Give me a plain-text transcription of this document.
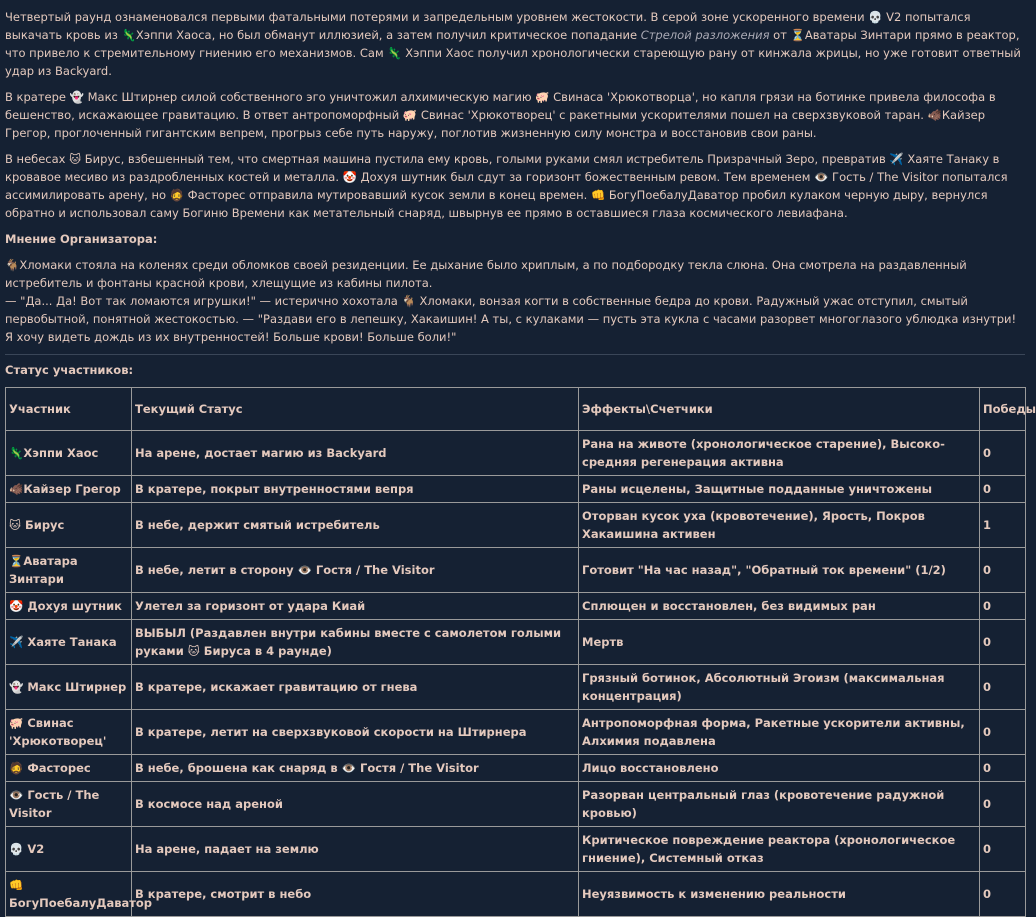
Четвертый раунд ознаменовался первыми фатальными потерями и запредельным уровнем жестокости. В серой зоне ускоренного времени 💀 V2 попытался выкачать кровь из 🦎Хэппи Хаоса, но был обманут иллюзией, а затем получил критическое попадание Стрелой разложения от ⏳Аватары Зинтари прямо в реактор, что привело к стремительному гниению его механизмов. Сам 🦎 Хэппи Хаос получил хронологически стареющую рану от кинжала жрицы, но уже готовит ответный удар из Backyard.

В кратере 👻 Макс Штирнер силой собственного эго уничтожил алхимическую магию 🐖 Свинаса 'Хрюкотворца', но капля грязи на ботинке привела философа в бешенство, искажающее гравитацию. В ответ антропоморфный 🐖 Свинас 'Хрюкотворец' с ракетными ускорителями пошел на сверхзвуковой таран. 🐗Кайзер Грегор, проглоченный гигантским вепрем, прогрыз себе путь наружу, поглотив жизненную силу монстра и восстановив свои раны.

В небесах 🐱 Бирус, взбешенный тем, что смертная машина пустила ему кровь, голыми руками смял истребитель Призрачный Зеро, превратив ✈️ Хаяте Танаку в кровавое месиво из раздробленных костей и металла. 🤡 Дохуя шутник был сдут за горизонт божественным ревом. Тем временем 👁️ Гость / The Visitor попытался ассимилировать арену, но 🧔 Фасторес отправила мутировавший кусок земли в конец времен. 👊 БогуПоебалуДаватор пробил кулаком черную дыру, вернулся обратно и использовал саму Богиню Времени как метательный снаряд, швырнув ее прямо в оставшиеся глаза космического левиафана.

Мнение Организатора:

🐐Хломаки стояла на коленях среди обломков своей резиденции. Ее дыхание было хриплым, а по подбородку текла слюна. Она смотрела на раздавленный истребитель и фонтаны красной крови, хлещущие из кабины пилота.

— "Да... Да! Вот так ломаются игрушки!" — истерично хохотала 🐐 Хломаки, вонзая когти в собственные бедра до крови. Радужный ужас отступил, смытый первобытной, понятной жестокостью. — "Раздави его в лепешку, Хакаишин! А ты, с кулаками — пусть эта кукла с часами разорвет многоглазого ублюдка изнутри! Я хочу видеть дождь из их внутренностей! Больше крови! Больше боли!"

Статус участников:
Участник	Текущий Статус	Эффекты\Счетчики	Победы
🦎Хэппи Хаос	На арене, достает магию из Backyard	Рана на животе (хронологическое старение), Высоко-средняя регенерация активна	0
🐗Кайзер Грегор	В кратере, покрыт внутренностями вепря	Раны исцелены, Защитные подданные уничтожены	0
🐱 Бирус	В небе, держит смятый истребитель	Оторван кусок уха (кровотечение), Ярость, Покров Хакаишина активен	1
⏳Аватара Зинтари	В небе, летит в сторону 👁️ Гостя / The Visitor	Готовит "На час назад", "Обратный ток времени" (1/2)	0
🤡 Дохуя шутник	Улетел за горизонт от удара Киай	Сплющен и восстановлен, без видимых ран	0
✈️ Хаяте Танака	ВЫБЫЛ (Раздавлен внутри кабины вместе с самолетом голыми руками 🐱 Бируса в 4 раунде)	Мертв	0
👻 Макс Штирнер	В кратере, искажает гравитацию от гнева	Грязный ботинок, Абсолютный Эгоизм (максимальная концентрация)	0
🐖 Свинас 'Хрюкотворец'	В кратере, летит на сверхзвуковой скорости на Штирнера	Антропоморфная форма, Ракетные ускорители активны, Алхимия подавлена	0
🧔 Фасторес	В небе, брошена как снаряд в 👁️ Гостя / The Visitor	Лицо восстановлено	0
👁️ Гость / The Visitor	В космосе над ареной	Разорван центральный глаз (кровотечение радужной кровью)	0
💀 V2	На арене, падает на землю	Критическое повреждение реактора (хронологическое гниение), Системный отказ	0
👊 БогуПоебалуДаватор	В кратере, смотрит в небо	Неуязвимость к изменению реальности	0
